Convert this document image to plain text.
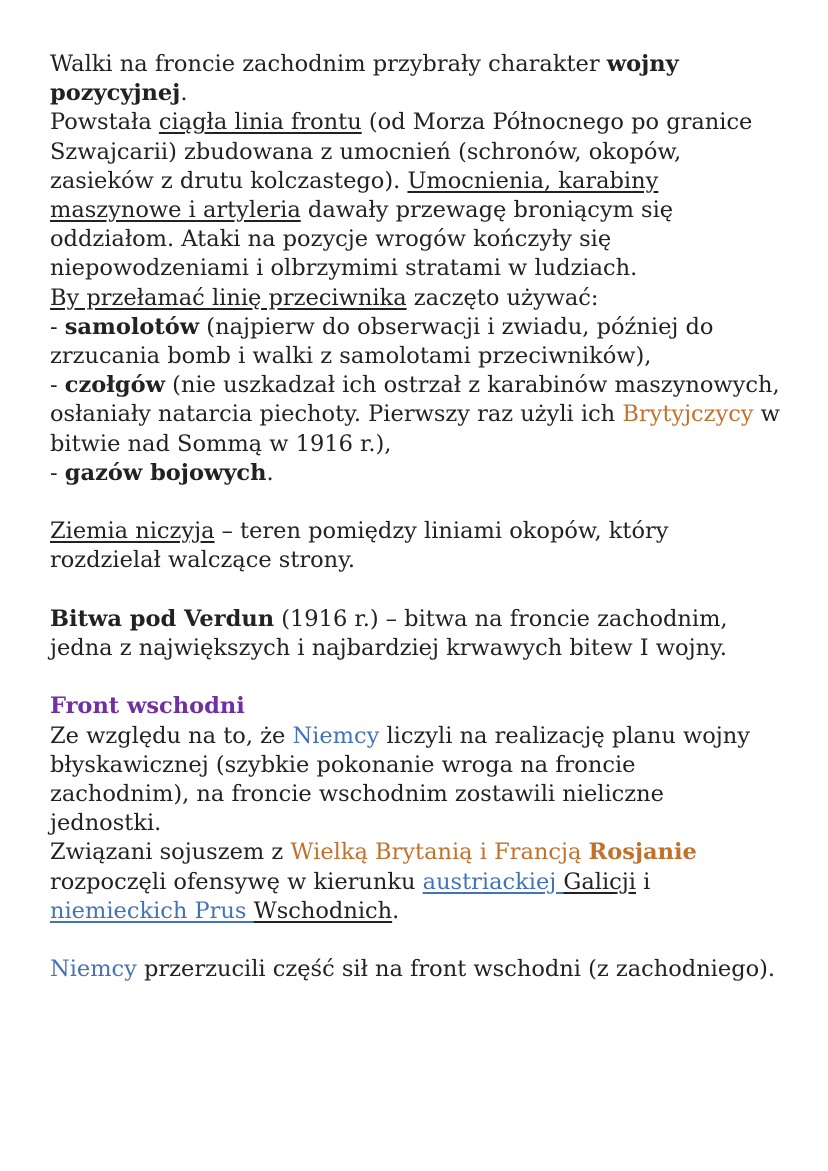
Walki na froncie zachodnim przybrały charakter wojny pozycyjnej.

Powstała ciągła linia frontu (od Morza Północnego po granice Szwajcarii) zbudowana z umocnień (schronów, okopów, zasieków z drutu kolczastego). Umocnienia, karabiny maszynowe i artyleria dawały przewagę broniącym się oddziałom. Ataki na pozycje wrogów kończyły się niepowodzeniami i olbrzymimi stratami w ludziach.

By przełamać linię przeciwnika zaczęto używać:

- samolotów (najpierw do obserwacji i zwiadu, później do zrzucania bomb i walki z samolotami przeciwników),

- czołgów (nie uszkadzał ich ostrzał z karabinów maszynowych, osłaniały natarcia piechoty. Pierwszy raz użyli ich Brytyjczycy w bitwie nad Sommą w 1916 r.),

- gazów bojowych.

Ziemia niczyja – teren pomiędzy liniami okopów, który rozdzielał walczące strony.

Bitwa pod Verdun (1916 r.) – bitwa na froncie zachodnim, jedna z największych i najbardziej krwawych bitew I wojny.

Front wschodni

Ze względu na to, że Niemcy liczyli na realizację planu wojny błyskawicznej (szybkie pokonanie wroga na froncie zachodnim), na froncie wschodnim zostawili nieliczne jednostki.

Związani sojuszem z Wielką Brytanią i Francją Rosjanie rozpoczęli ofensywę w kierunku austriackiej Galicji i niemieckich Prus Wschodnich.

Niemcy przerzucili część sił na front wschodni (z zachodniego).
